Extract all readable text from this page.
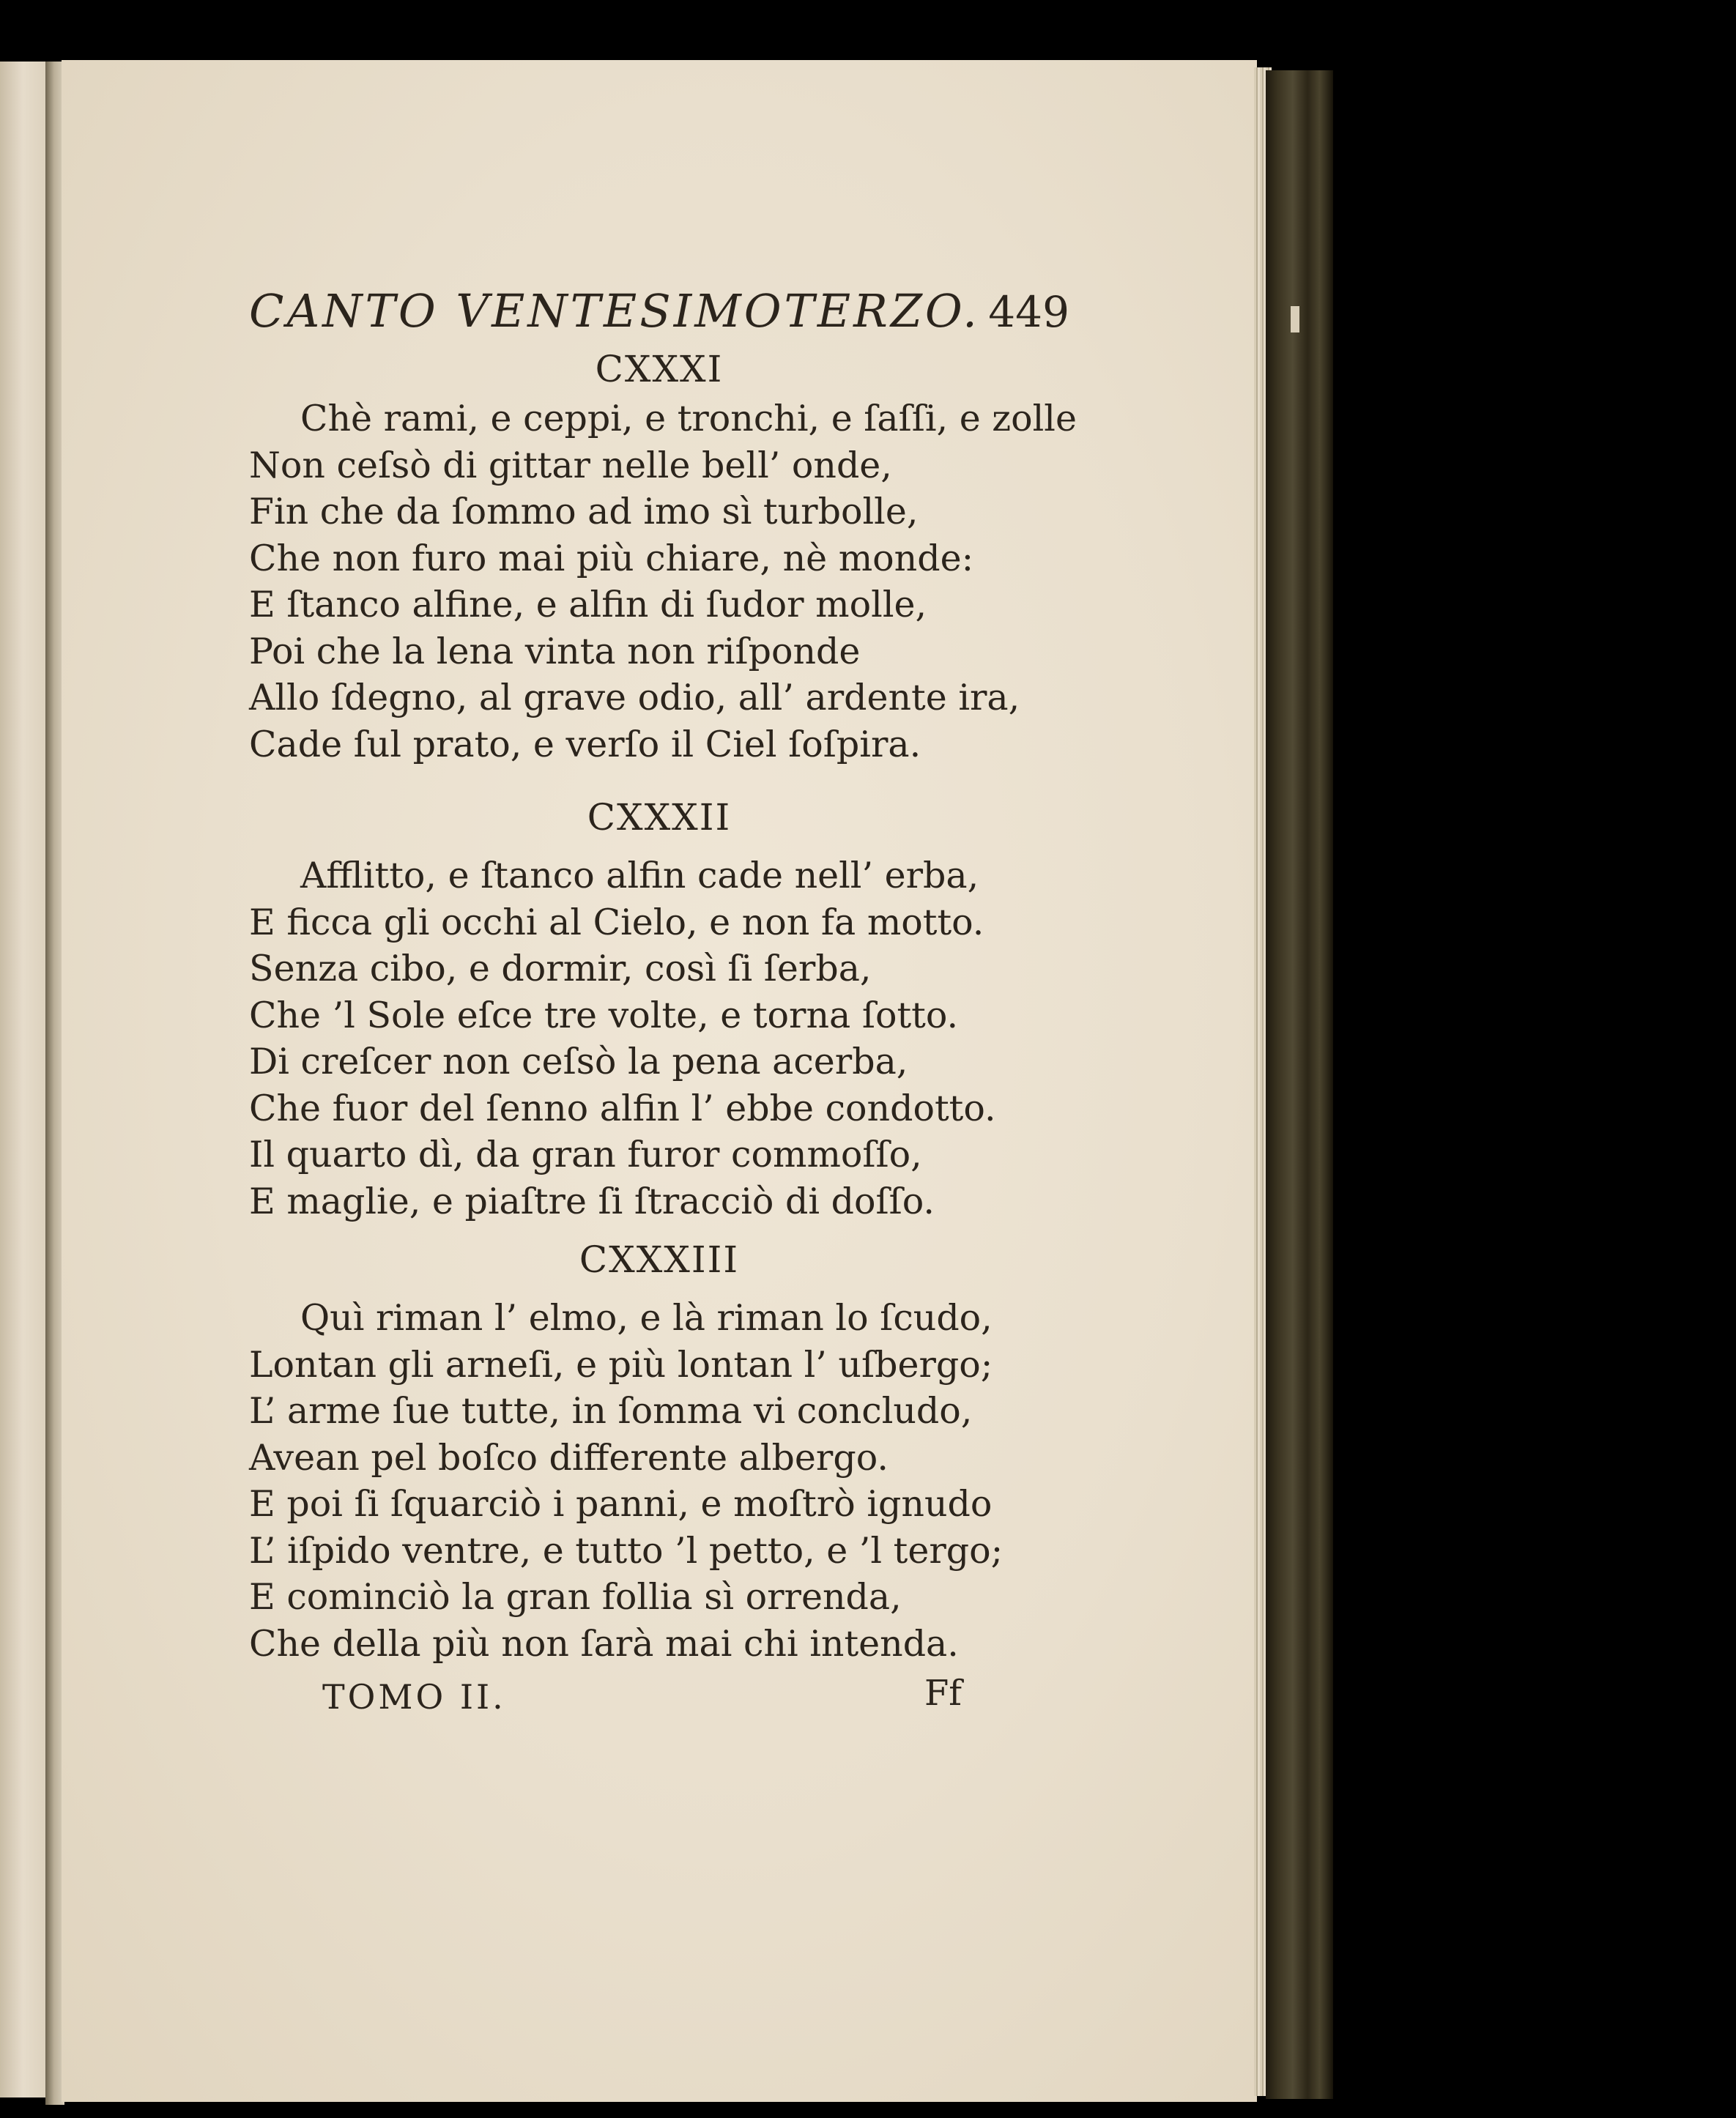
CANTO VENTESIMOTERZO. 449

CXXXI

Chè rami, e ceppi, e tronchi, e ſaſſi, e zolle
Non ceſsò di gittar nelle bell’ onde,
Fin che da ſommo ad imo sì turbolle,
Che non furo mai più chiare, nè monde:
E ſtanco alfine, e alfin di ſudor molle,
Poi che la lena vinta non riſponde
Allo ſdegno, al grave odio, all’ ardente ira,
Cade ſul prato, e verſo il Ciel ſoſpira.

CXXXII

Afflitto, e ſtanco alfin cade nell’ erba,
E ficca gli occhi al Cielo, e non fa motto.
Senza cibo, e dormir, così ſi ſerba,
Che ’l Sole eſce tre volte, e torna ſotto.
Di creſcer non ceſsò la pena acerba,
Che fuor del ſenno alfin l’ ebbe condotto.
Il quarto dì, da gran furor commoſſo,
E maglie, e piaſtre ſi ſtracciò di doſſo.

CXXXIII

Quì riman l’ elmo, e là riman lo ſcudo,
Lontan gli arneſi, e più lontan l’ uſbergo;
L’ arme ſue tutte, in ſomma vi concludo,
Avean pel boſco differente albergo.
E poi ſi ſquarciò i panni, e moſtrò ignudo
L’ iſpido ventre, e tutto ’l petto, e ’l tergo;
E cominciò la gran follia sì orrenda,
Che della più non ſarà mai chi intenda.
TOMO II.	Ff
